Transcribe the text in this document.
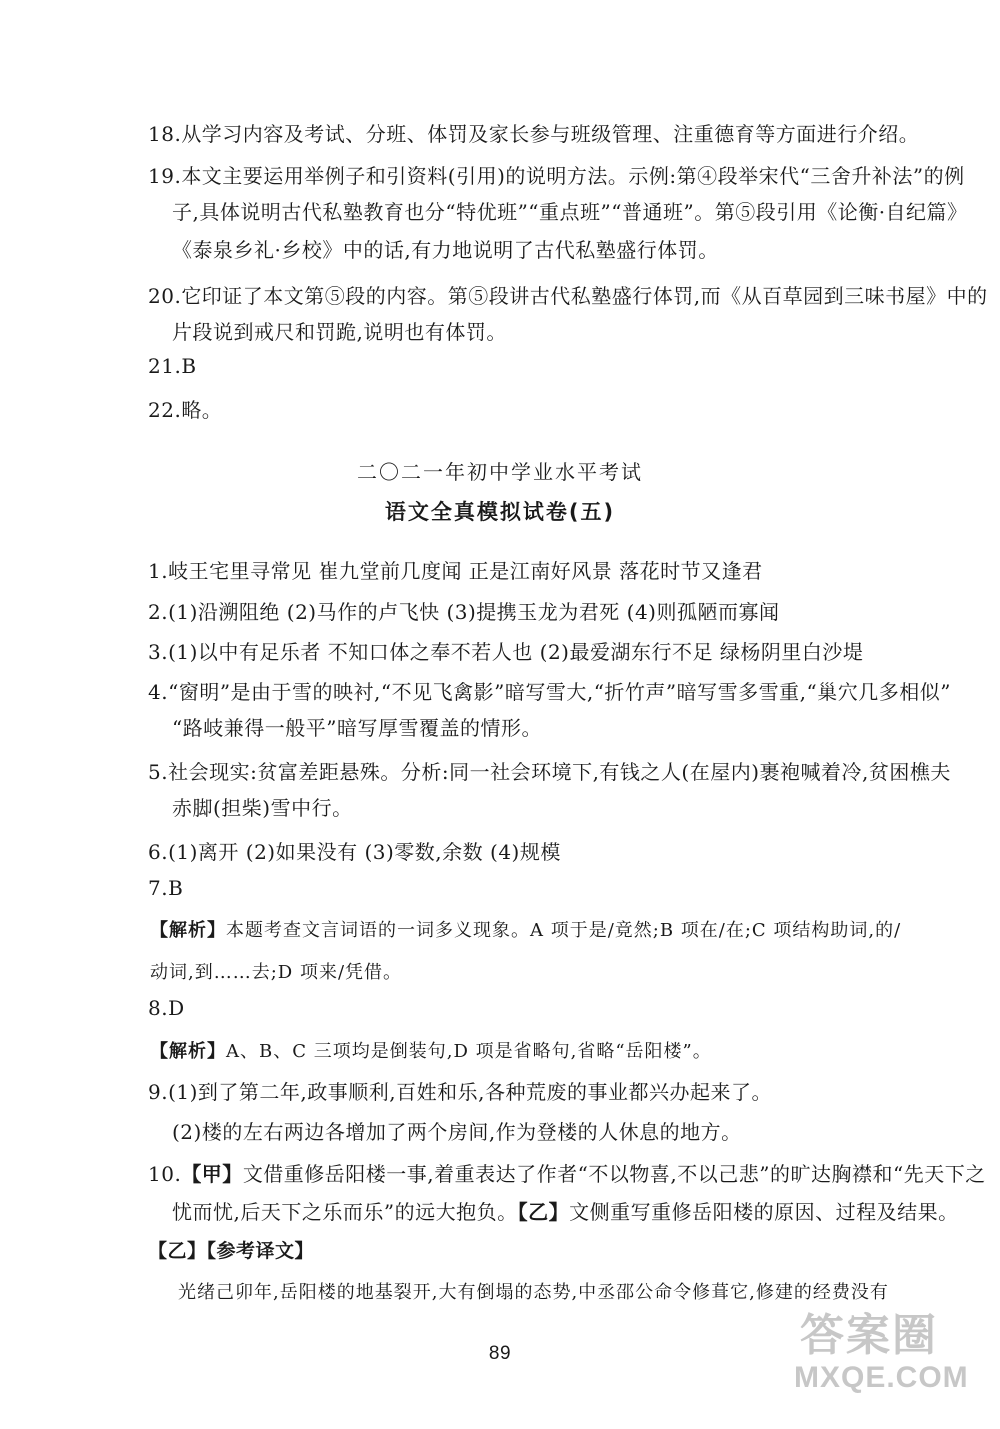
18.从学习内容及考试、分班、体罚及家长参与班级管理、注重德育等方面进行介绍。
19.本文主要运用举例子和引资料(引用)的说明方法。示例:第④段举宋代“三舍升补法”的例
子,具体说明古代私塾教育也分“特优班”“重点班”“普通班”。第⑤段引用《论衡·自纪篇》
《泰泉乡礼·乡校》中的话,有力地说明了古代私塾盛行体罚。
20.它印证了本文第⑤段的内容。第⑤段讲古代私塾盛行体罚,而《从百草园到三味书屋》中的
片段说到戒尺和罚跪,说明也有体罚。
21.B
22.略。
二〇二一年初中学业水平考试
语文全真模拟试卷(五)
1.岐王宅里寻常见 崔九堂前几度闻 正是江南好风景 落花时节又逢君
2.(1)沿溯阻绝 (2)马作的卢飞快 (3)提携玉龙为君死 (4)则孤陋而寡闻
3.(1)以中有足乐者 不知口体之奉不若人也 (2)最爱湖东行不足 绿杨阴里白沙堤
4.“窗明”是由于雪的映衬,“不见飞禽影”暗写雪大,“折竹声”暗写雪多雪重,“巢穴几多相似”
“路岐兼得一般平”暗写厚雪覆盖的情形。
5.社会现实:贫富差距悬殊。分析:同一社会环境下,有钱之人(在屋内)裹袍喊着冷,贫困樵夫
赤脚(担柴)雪中行。
6.(1)离开 (2)如果没有 (3)零数,余数 (4)规模
7.B
【解析】本题考查文言词语的一词多义现象。A 项于是/竟然;B 项在/在;C 项结构助词,的/
动词,到……去;D 项来/凭借。
8.D
【解析】A、B、C 三项均是倒装句,D 项是省略句,省略“岳阳楼”。
9.(1)到了第二年,政事顺利,百姓和乐,各种荒废的事业都兴办起来了。
(2)楼的左右两边各增加了两个房间,作为登楼的人休息的地方。
10.【甲】文借重修岳阳楼一事,着重表达了作者“不以物喜,不以己悲”的旷达胸襟和“先天下之
忧而忧,后天下之乐而乐”的远大抱负。【乙】文侧重写重修岳阳楼的原因、过程及结果。
【乙】【参考译文】
光绪己卯年,岳阳楼的地基裂开,大有倒塌的态势,中丞邵公命令修葺它,修建的经费没有
89	答案圈
MXQE.COM
